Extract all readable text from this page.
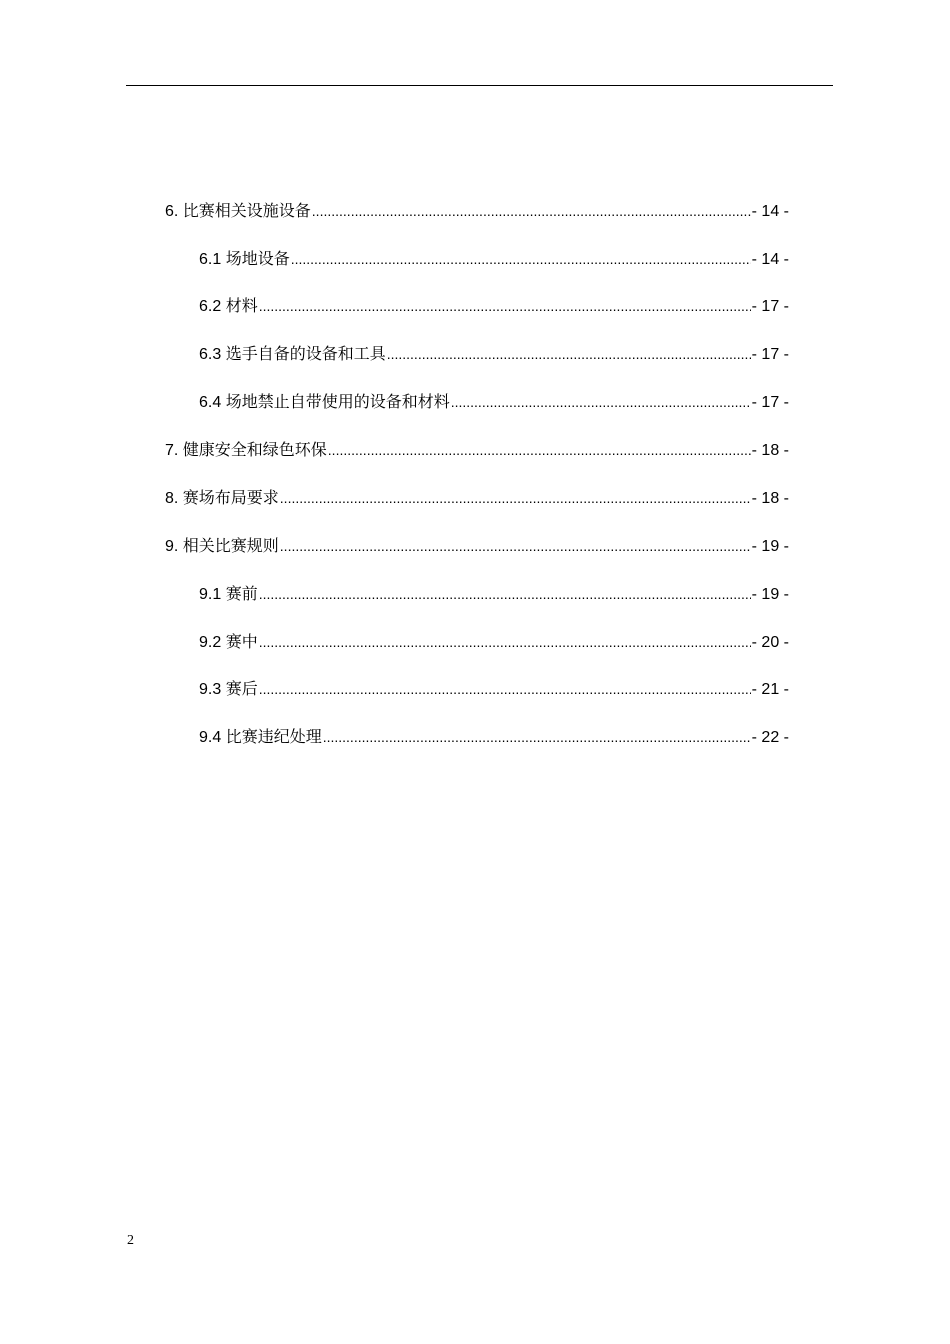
6. 比赛相关设施设备 .....	- 14 -
6.1 场地设备 .....	- 14 -
6.2 材料 .....	- 17 -
6.3 选手自备的设备和工具 .....	- 17 -
6.4 场地禁止自带使用的设备和材料 .....	- 17 -
7. 健康安全和绿色环保 .....	- 18 -
8. 赛场布局要求 .....	- 18 -
9. 相关比赛规则 .....	- 19 -
9.1 赛前 .....	- 19 -
9.2 赛中 .....	- 20 -
9.3 赛后 .....	- 21 -
9.4 比赛违纪处理 .....	- 22 -
2
